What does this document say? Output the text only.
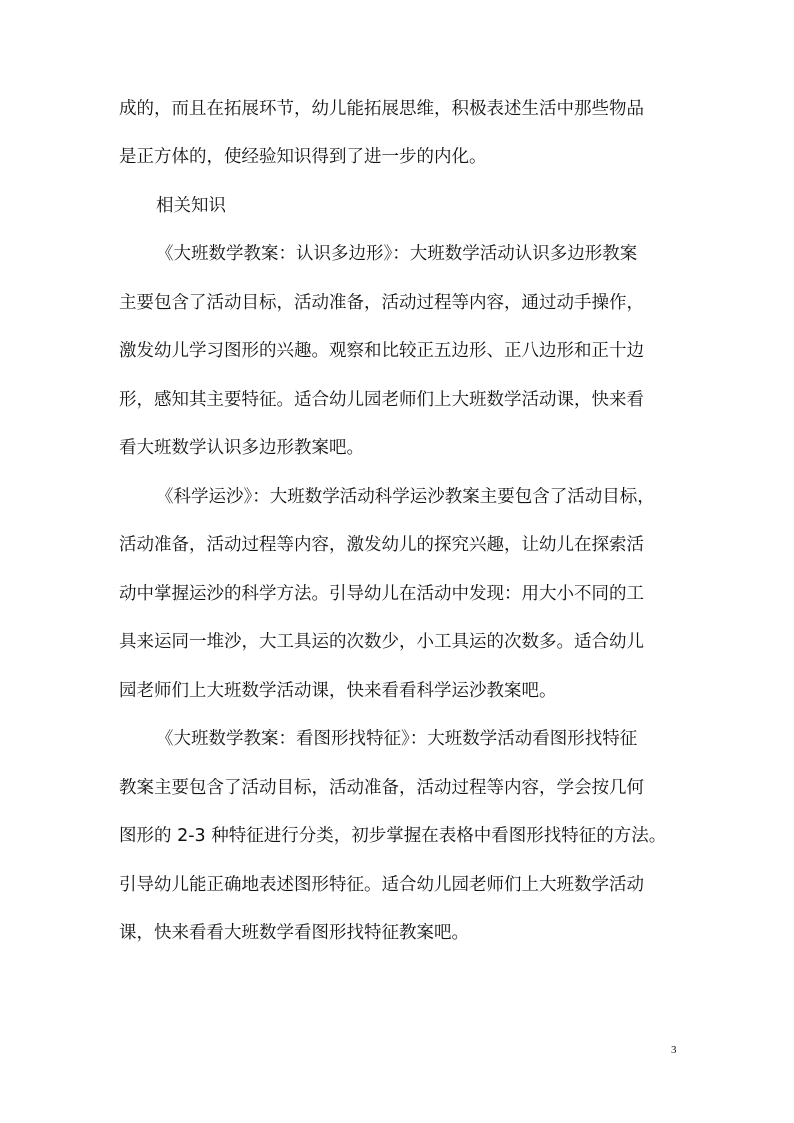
成的，而且在拓展环节，幼儿能拓展思维，积极表述生活中那些物品
是正方体的，使经验知识得到了进一步的内化。
相关知识
《大班数学教案：认识多边形》：大班数学活动认识多边形教案
主要包含了活动目标，活动准备，活动过程等内容，通过动手操作，
激发幼儿学习图形的兴趣。观察和比较正五边形、正八边形和正十边
形，感知其主要特征。适合幼儿园老师们上大班数学活动课，快来看
看大班数学认识多边形教案吧。
《科学运沙》：大班数学活动科学运沙教案主要包含了活动目标，
活动准备，活动过程等内容，激发幼儿的探究兴趣，让幼儿在探索活
动中掌握运沙的科学方法。引导幼儿在活动中发现：用大小不同的工
具来运同一堆沙，大工具运的次数少，小工具运的次数多。适合幼儿
园老师们上大班数学活动课，快来看看科学运沙教案吧。
《大班数学教案：看图形找特征》：大班数学活动看图形找特征
教案主要包含了活动目标，活动准备，活动过程等内容，学会按几何
图形的 2-3 种特征进行分类，初步掌握在表格中看图形找特征的方法。
引导幼儿能正确地表述图形特征。适合幼儿园老师们上大班数学活动
课，快来看看大班数学看图形找特征教案吧。
3
